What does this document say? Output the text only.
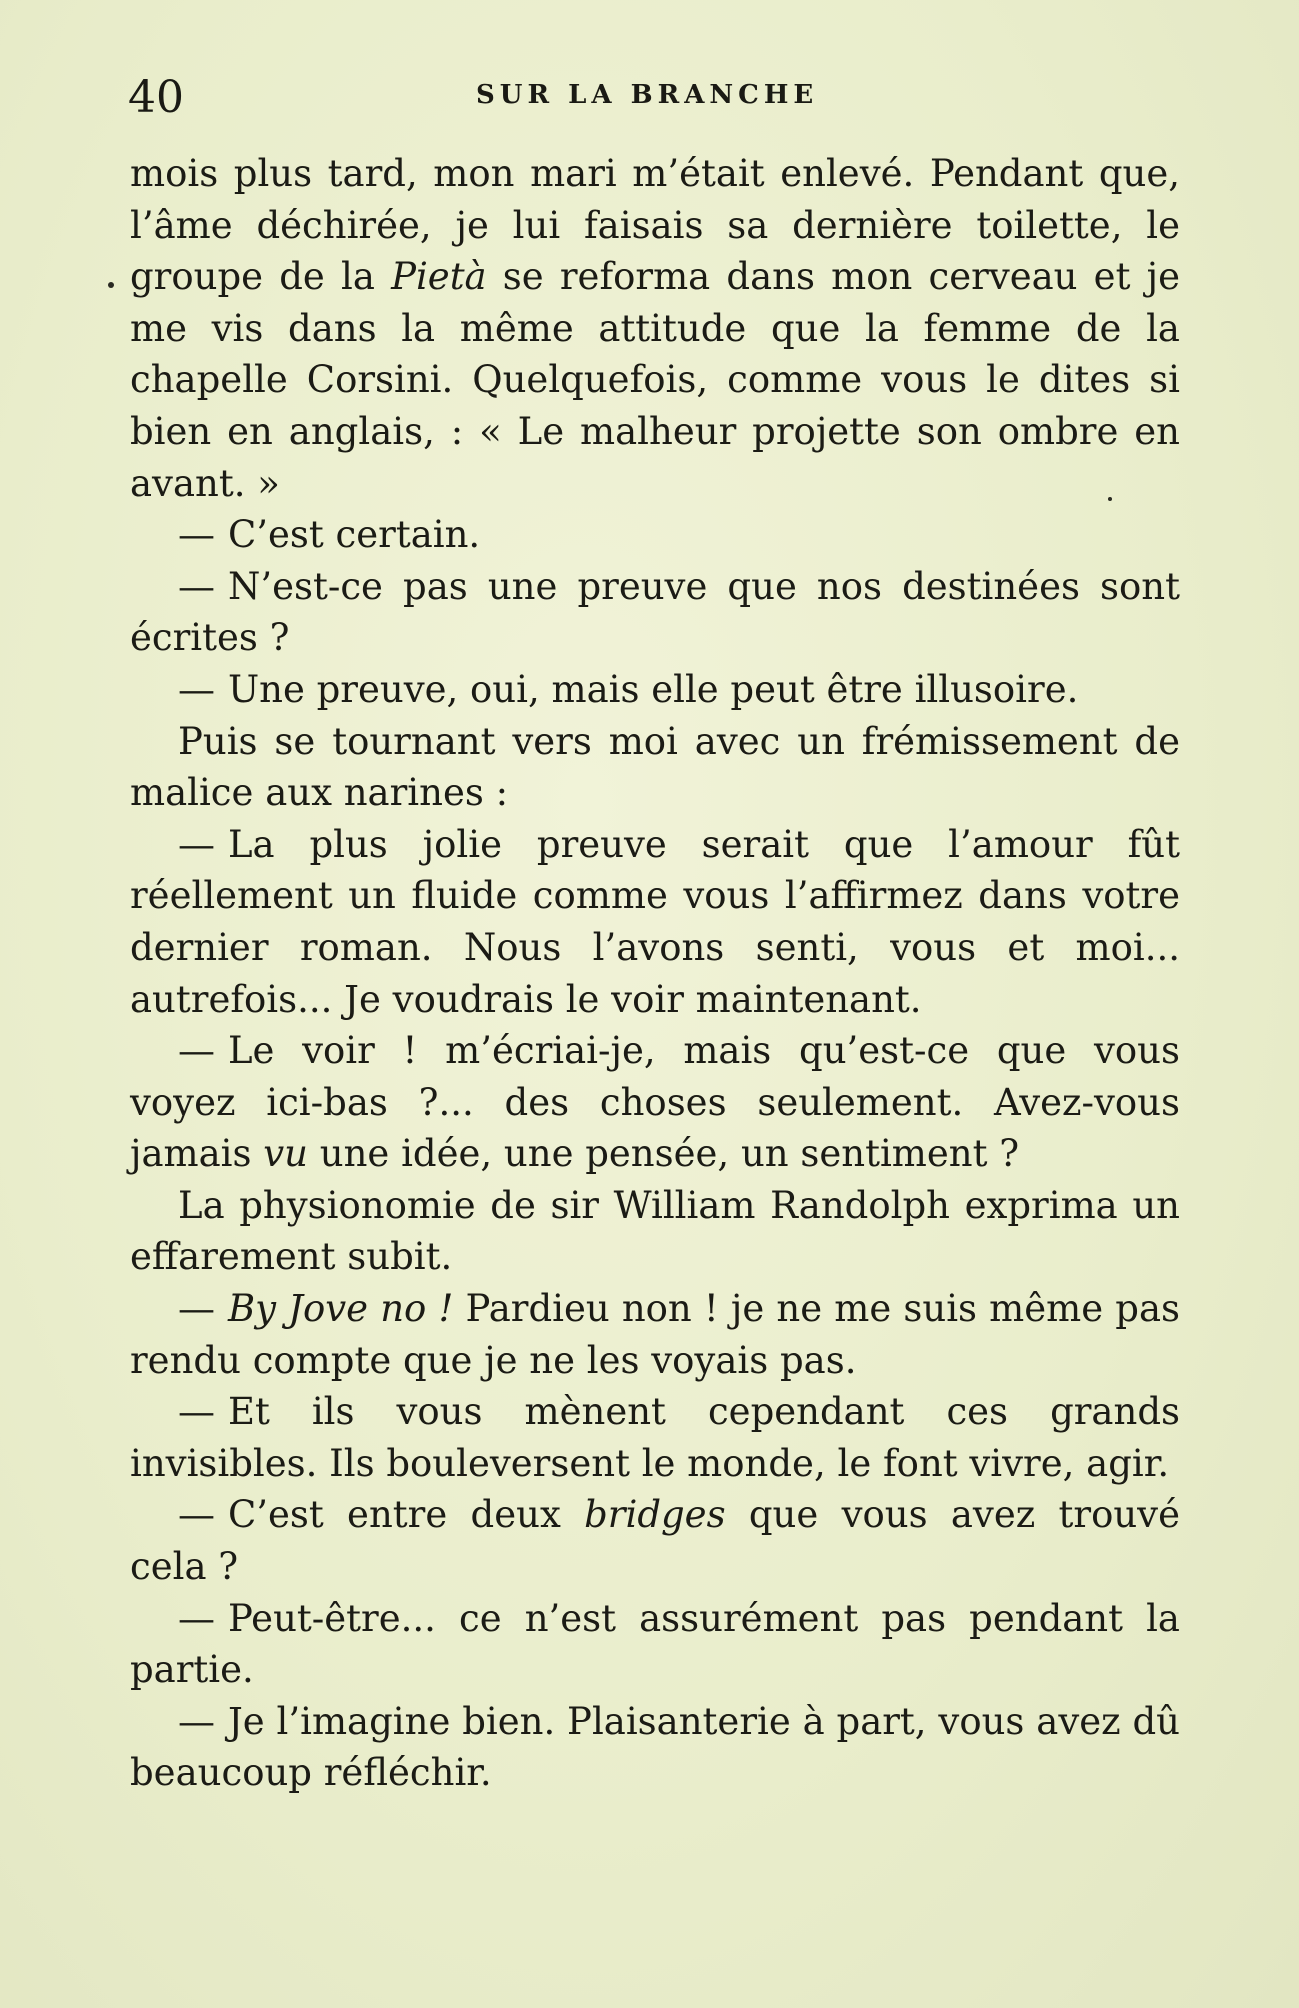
40	SUR LA BRANCHE

mois plus tard, mon mari m’était enlevé. Pendant que, l’âme déchirée, je lui faisais sa dernière toilette, le groupe de la Pietà se reforma dans mon cerveau et je me vis dans la même attitude que la femme de la chapelle Corsini. Quelquefois, comme vous le dites si bien en anglais, : « Le malheur projette son ombre en avant. »

— C’est certain.

— N’est-ce pas une preuve que nos destinées sont écrites ?

— Une preuve, oui, mais elle peut être illusoire.

Puis se tournant vers moi avec un frémissement de malice aux narines :

— La plus jolie preuve serait que l’amour fût réellement un fluide comme vous l’affirmez dans votre dernier roman. Nous l’avons senti, vous et moi... autrefois... Je voudrais le voir maintenant.

— Le voir ! m’écriai-je, mais qu’est-ce que vous voyez ici-bas ?... des choses seulement. Avez-vous jamais vu une idée, une pensée, un sentiment ?

La physionomie de sir William Randolph exprima un effarement subit.

— By Jove no ! Pardieu non ! je ne me suis même pas rendu compte que je ne les voyais pas.

— Et ils vous mènent cependant ces grands invisibles. Ils bouleversent le monde, le font vivre, agir.

— C’est entre deux bridges que vous avez trouvé cela ?

— Peut-être... ce n’est assurément pas pendant la partie.

— Je l’imagine bien. Plaisanterie à part, vous avez dû beaucoup réfléchir.
